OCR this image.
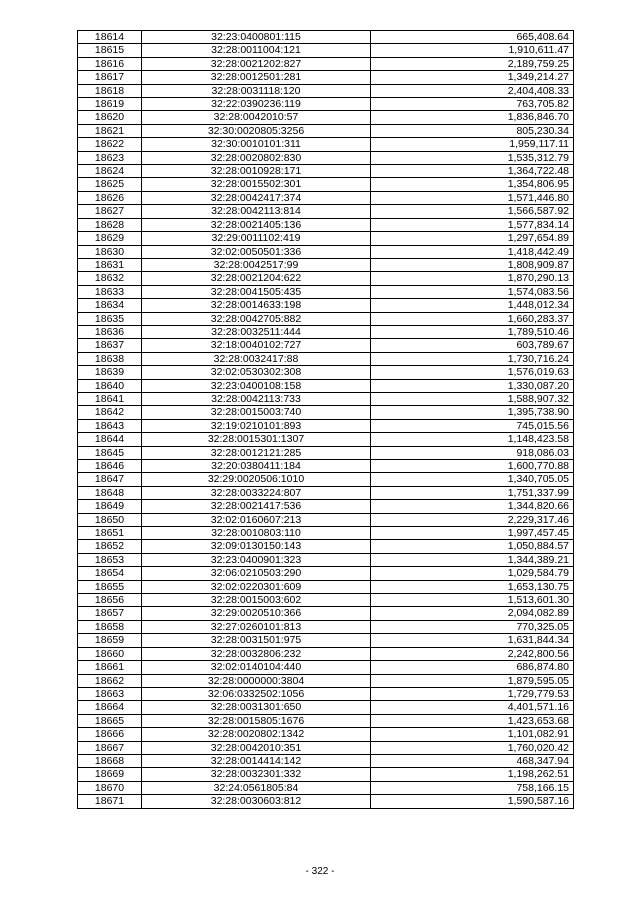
18614	32:23:0400801:115	665,408.64
18615	32:28:0011004:121	1,910,611.47
18616	32:28:0021202:827	2,189,759.25
18617	32:28:0012501:281	1,349,214.27
18618	32:28:0031118:120	2,404,408.33
18619	32:22:0390236:119	763,705.82
18620	32:28:0042010:57	1,836,846.70
18621	32:30:0020805:3256	805,230.34
18622	32:30:0010101:311	1,959,117.11
18623	32:28:0020802:830	1,535,312.79
18624	32:28:0010928:171	1,364,722.48
18625	32:28:0015502:301	1,354,806.95
18626	32:28:0042417:374	1,571,446.80
18627	32:28:0042113:814	1,566,587.92
18628	32:28:0021405:136	1,577,834.14
18629	32:29:0011102:419	1,297,654.89
18630	32:02:0050501:336	1,418,442.49
18631	32:28:0042517:99	1,808,909.87
18632	32:28:0021204:622	1,870,290.13
18633	32:28:0041505:435	1,574,083.56
18634	32:28:0014633:198	1,448,012.34
18635	32:28:0042705:882	1,660,283.37
18636	32:28:0032511:444	1,789,510.46
18637	32:18:0040102:727	603,789.67
18638	32:28:0032417:88	1,730,716.24
18639	32:02:0530302:308	1,576,019.63
18640	32:23:0400108:158	1,330,087.20
18641	32:28:0042113:733	1,588,907.32
18642	32:28:0015003:740	1,395,738.90
18643	32:19:0210101:893	745,015.56
18644	32:28:0015301:1307	1,148,423.58
18645	32:28:0012121:285	918,086.03
18646	32:20:0380411:184	1,600,770.88
18647	32:29:0020506:1010	1,340,705.05
18648	32:28:0033224:807	1,751,337.99
18649	32:28:0021417:536	1,344,820.66
18650	32:02:0160607:213	2,229,317.46
18651	32:28:0010803:110	1,997,457.45
18652	32:09:0130150:143	1,050,884.57
18653	32:23:0400901:323	1,344,389.21
18654	32:06:0210503:290	1,029,584.79
18655	32:02:0220301:609	1,653,130.75
18656	32:28:0015003:602	1,513,601.30
18657	32:29:0020510:366	2,094,082.89
18658	32:27:0260101:813	770,325.05
18659	32:28:0031501:975	1,631,844.34
18660	32:28:0032806:232	2,242,800.56
18661	32:02:0140104:440	686,874.80
18662	32:28:0000000:3804	1,879,595.05
18663	32:06:0332502:1056	1,729,779.53
18664	32:28:0031301:650	4,401,571.16
18665	32:28:0015805:1676	1,423,653.68
18666	32:28:0020802:1342	1,101,082.91
18667	32:28:0042010:351	1,760,020.42
18668	32:28:0014414:142	468,347.94
18669	32:28:0032301:332	1,198,262.51
18670	32:24:0561805:84	758,166.15
18671	32:28:0030603:812	1,590,587.16
- 322 -
